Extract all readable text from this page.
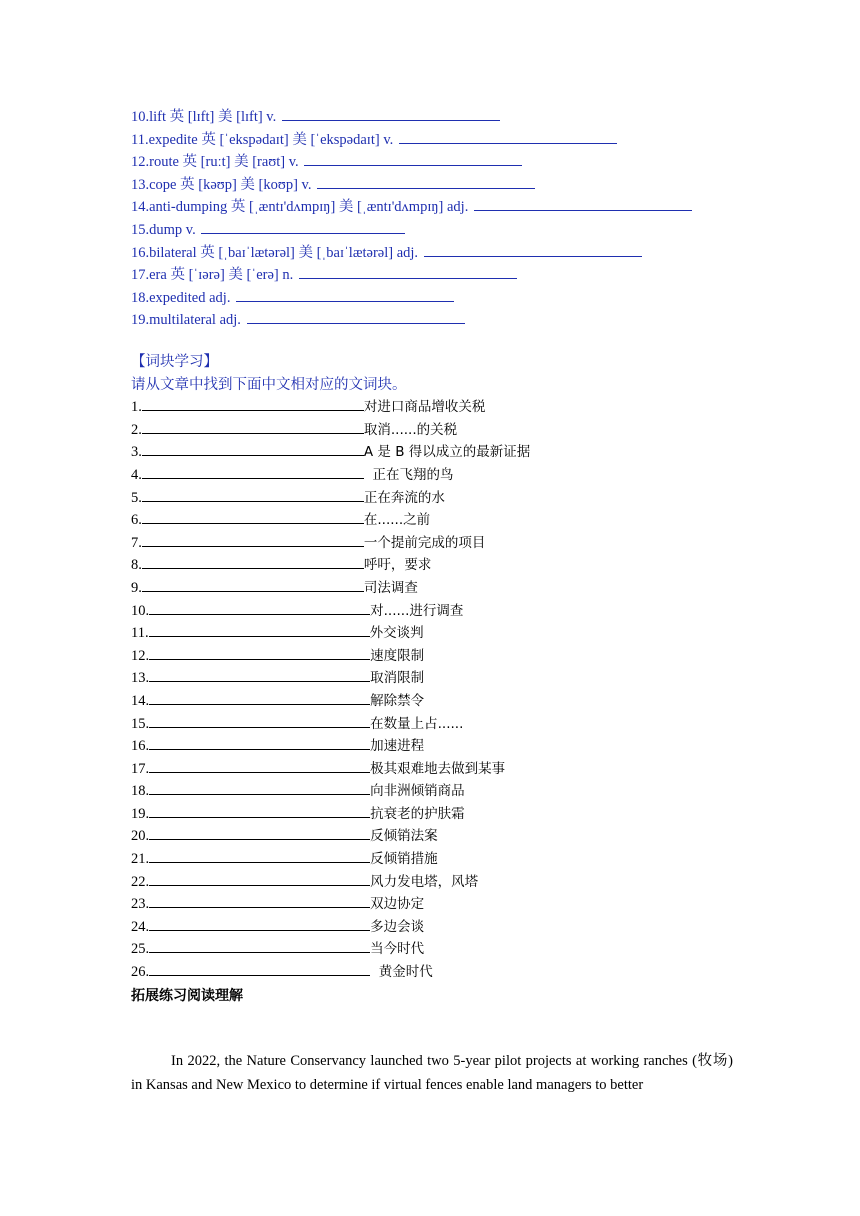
10.lift 英 [lɪft] 美 [lɪft] v.
11.expedite 英 [ˈekspədaɪt] 美 [ˈekspədaɪt] v.
12.route 英 [ruːt] 美 [raʊt] v.
13.cope 英 [kəʊp] 美 [koʊp] v.
14.anti-dumping 英 [ˌæntɪ'dʌmpɪŋ] 美 [ˌæntɪ'dʌmpɪŋ] adj.
15.dump v.
16.bilateral 英 [ˌbaɪˈlætərəl] 美 [ˌbaɪˈlætərəl] adj.
17.era 英 [ˈɪərə] 美 [ˈerə] n.
18.expedited adj.
19.multilateral adj.
【词块学习】
请从文章中找到下面中文相对应的文词块。
1.	对进口商品增收关税
2.	取消......的关税
3.	A 是 B 得以成立的最新证据
4.	正在飞翔的鸟
5.	正在奔流的水
6.	在......之前
7.	一个提前完成的项目
8.	呼吁，要求
9.	司法调查
10.	对......进行调查
11.	外交谈判
12.	速度限制
13.	取消限制
14.	解除禁令
15.	在数量上占......
16.	加速进程
17.	极其艰难地去做到某事
18.	向非洲倾销商品
19.	抗衰老的护肤霜
20.	反倾销法案
21.	反倾销措施
22.	风力发电塔，风塔
23.	双边协定
24.	多边会谈
25.	当今时代
26.	黄金时代
拓展练习阅读理解
In 2022, the Nature Conservancy launched two 5-year pilot projects at working ranches (牧场) in Kansas and New Mexico to determine if virtual fences enable land managers to better
